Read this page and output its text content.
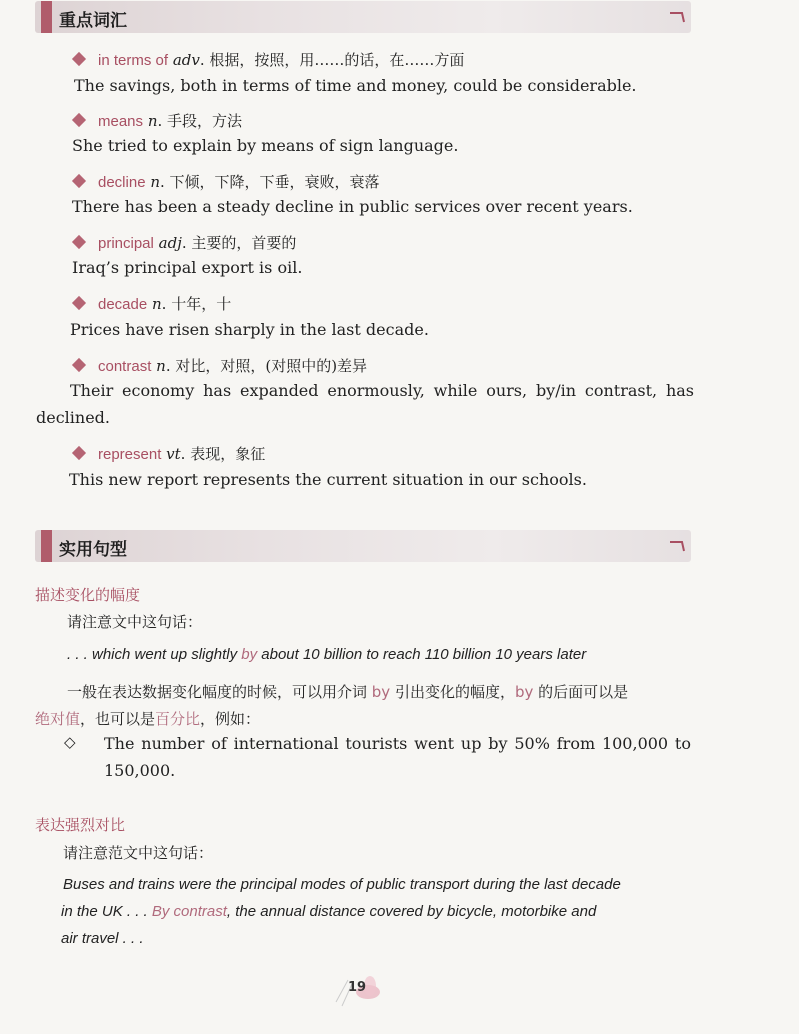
重点词汇
in terms of adv. 根据，按照，用……的话，在……方面
The savings, both in terms of time and money, could be considerable.
means n. 手段，方法
She tried to explain by means of sign language.
decline n. 下倾，下降，下垂，衰败，衰落
There has been a steady decline in public services over recent years.
principal adj. 主要的，首要的
Iraq’s principal export is oil.
decade n. 十年，十
Prices have risen sharply in the last decade.
contrast n. 对比，对照，(对照中的)差异
Their economy has expanded enormously, while ours, by/in contrast, has
declined.
represent vt. 表现，象征
This new report represents the current situation in our schools.
实用句型
描述变化的幅度
请注意文中这句话：
. . . which went up slightly by about 10 billion to reach 110 billion 10 years later
一般在表达数据变化幅度的时候，可以用介词 by 引出变化的幅度，by 的后面可以是
绝对值，也可以是百分比，例如：
◇ The number of international tourists went up by 50% from 100,000 to
150,000.
表达强烈对比
请注意范文中这句话：
Buses and trains were the principal modes of public transport during the last decade
in the UK . . . By contrast, the annual distance covered by bicycle, motorbike and
air travel . . .
19
